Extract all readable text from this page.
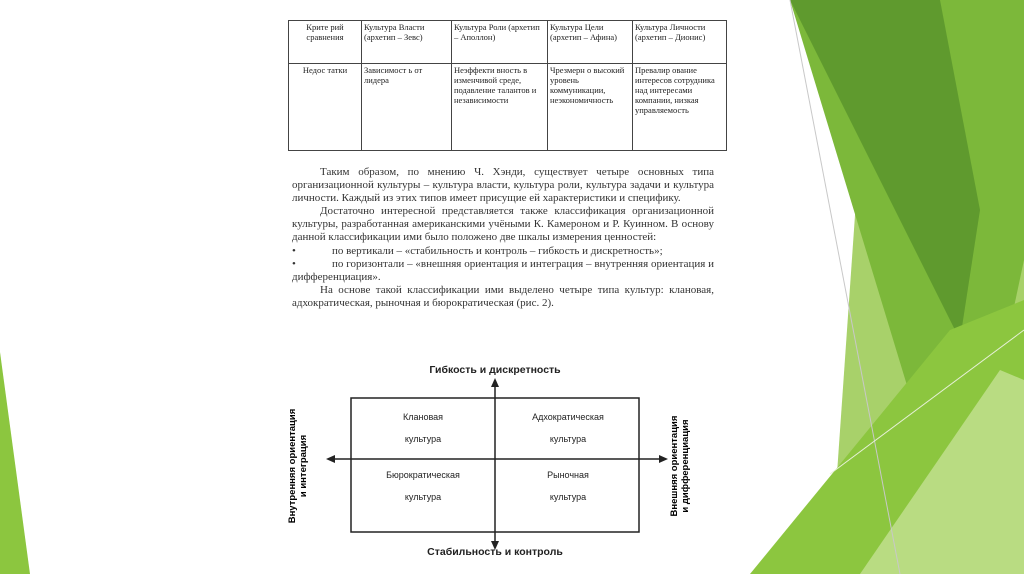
Крите рий сравнения	Культура Власти (архетип – Зевс)	Культура Роли (архетип – Аполлон)	Культура Цели (архетип – Афина)	Культура Личности (архетип – Дионис)
Недос татки	Зависимост ь от лидера	Неэффекти вность в изменчивой среде, подавление талантов и независимости	Чрезмерн о высокий уровень коммуникации, неэкономичность	Превалир ование интересов сотрудника над интересами компании, низкая управляемость

Таким образом, по мнению Ч. Хэнди, существует четыре основных типа организационной культуры – культура власти, культура роли, культура задачи и культура личности. Каждый из этих типов имеет присущие ей характеристики и специфику.

Достаточно интересной представляется также классификация организационной культуры, разработанная американскими учёными К. Камероном и Р. Куинном. В основу данной классификации ими было положено две шкалы измерения ценностей:

•	по вертикали – «стабильность и контроль – гибкость и дискретность»;

•	по горизонтали – «внешняя ориентация и интеграция – внутренняя ориентация и дифференциация».

На основе такой классификации ими выделено четыре типа культур: клановая, адхократическая, рыночная и бюрократическая (рис. 2).

Гибкость и дискретность
Стабильность и контроль
Клановая
культура
Адхократическая
культура
Бюрократическая
культура
Рыночная
культура
Внутренняя ориентация и интеграция	Внешняя ориентация и дифференциация
